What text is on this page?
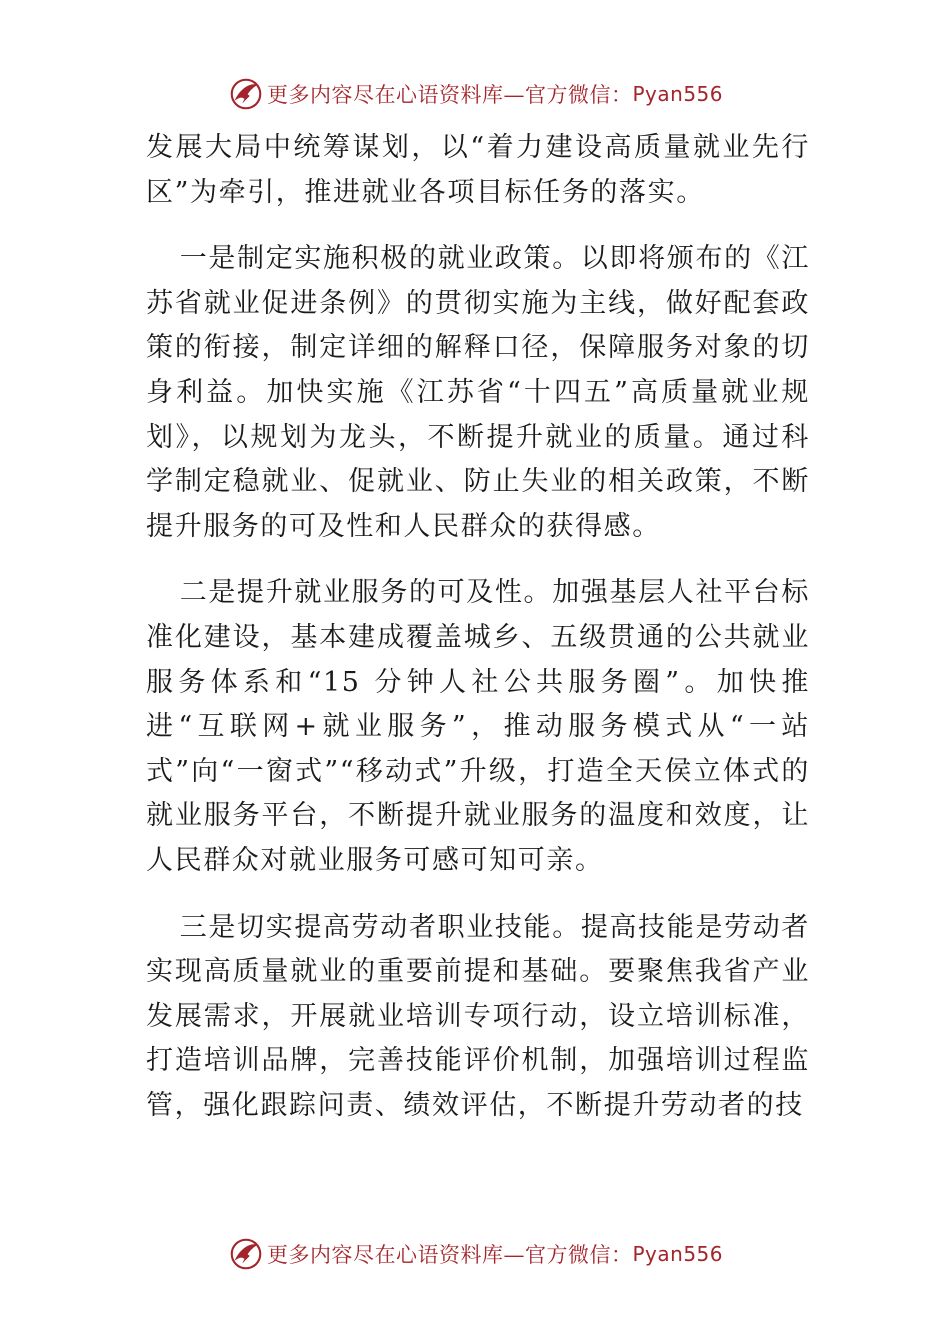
更多内容尽在心语资料库—官方微信： Pyan556

发展大局中统筹谋划，以“着力建设高质量就业先行区”为牵引，推进就业各项目标任务的落实。

一是制定实施积极的就业政策。以即将颁布的《江苏省就业促进条例》的贯彻实施为主线，做好配套政策的衔接，制定详细的解释口径，保障服务对象的切身利益。加快实施《江苏省“十四五”高质量就业规划》，以规划为龙头，不断提升就业的质量。通过科学制定稳就业、促就业、防止失业的相关政策，不断提升服务的可及性和人民群众的获得感。

二是提升就业服务的可及性。加强基层人社平台标准化建设，基本建成覆盖城乡、五级贯通的公共就业服务体系和“15 分钟人社公共服务圈”。加快推进“互联网+就业服务”，推动服务模式从“一站式”向“一窗式”“移动式”升级，打造全天侯立体式的就业服务平台，不断提升就业服务的温度和效度，让人民群众对就业服务可感可知可亲。

三是切实提高劳动者职业技能。提高技能是劳动者实现高质量就业的重要前提和基础。要聚焦我省产业发展需求，开展就业培训专项行动，设立培训标准，打造培训品牌，完善技能评价机制，加强培训过程监管，强化跟踪问责、绩效评估，不断提升劳动者的技

更多内容尽在心语资料库—官方微信： Pyan556
